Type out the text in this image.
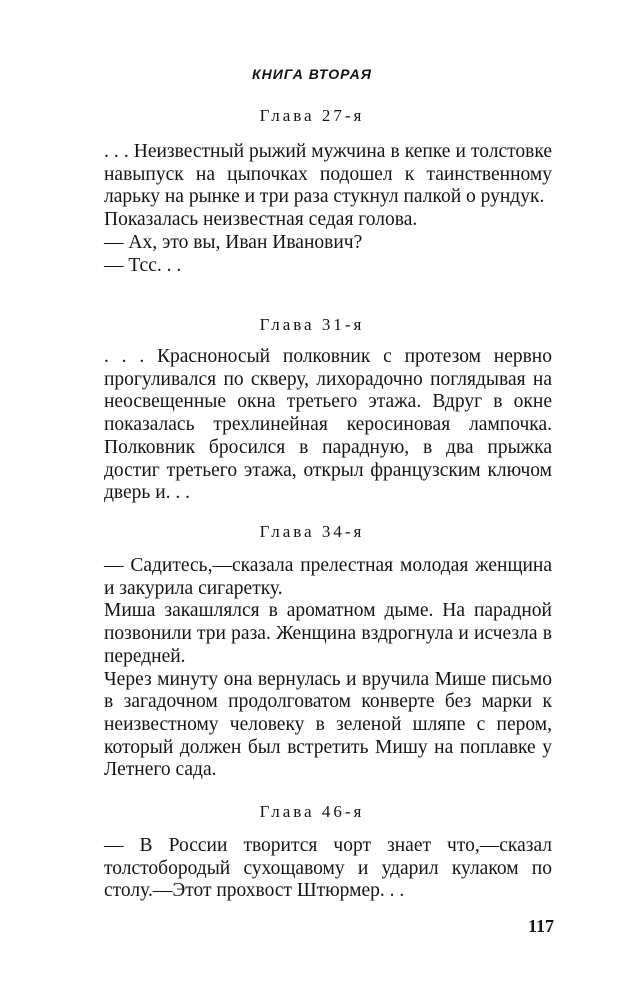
КНИГА ВТОРАЯ
Глава 27-я

. . . Неизвестный рыжий мужчина в кепке и толстовке навыпуск на цыпочках подошел к таинственному ларьку на рынке и три раза стукнул палкой о рундук.

Показалась неизвестная седая голова.

— Ах, это вы, Иван Иванович?

— Тсс. . .

Глава 31-я

. . . Красноносый полковник с протезом нервно прогуливался по скверу, лихорадочно поглядывая на неосвещенные окна третьего этажа. Вдруг в окне показалась трехлинейная керосиновая лампочка. Полковник бросился в парадную, в два прыжка достиг третьего этажа, открыл французским ключом дверь и. . .

Глава 34-я

— Садитесь,—сказала прелестная молодая женщина и закурила сигаретку.

Миша закашлялся в ароматном дыме. На парадной позвонили три раза. Женщина вздрогнула и исчезла в передней.

Через минуту она вернулась и вручила Мише письмо в загадочном продолговатом конверте без марки к неизвестному человеку в зеленой шляпе с пером, который должен был встретить Мишу на поплавке у Летнего сада.

Глава 46-я

— В России творится чорт знает что,—сказал толстобородый сухощавому и ударил кулаком по столу.—Этот прохвост Штюрмер. . .

117
